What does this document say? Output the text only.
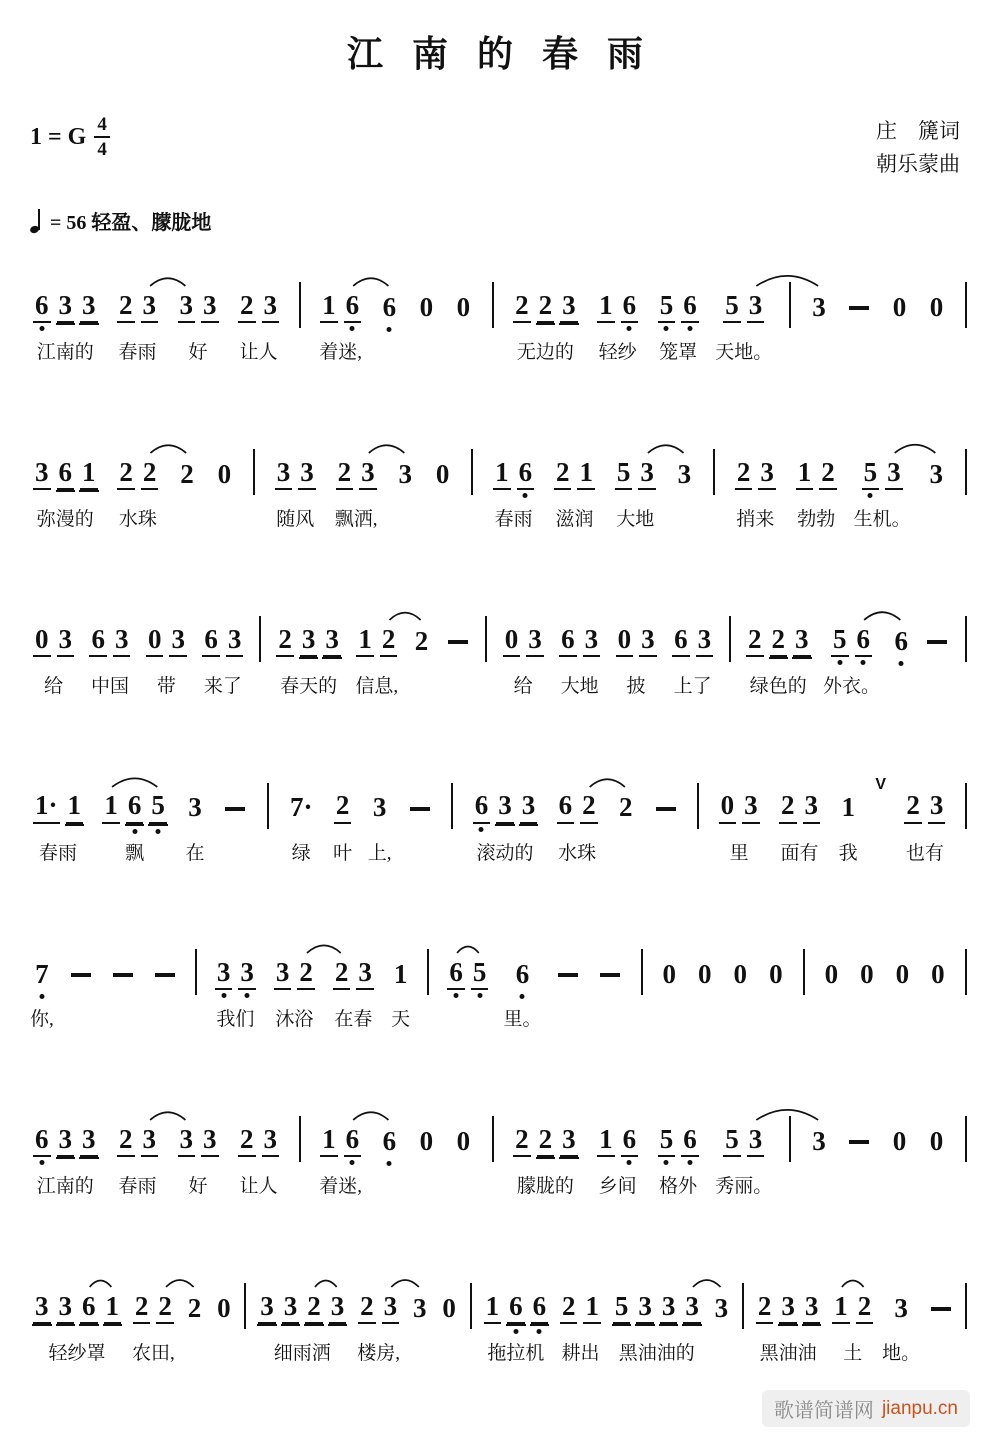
江 南 的 春 雨
1 = G $\frac{4}{4}$	庄　篪词
朝乐蒙曲
= 56 轻盈、朦胧地
6 3 3
江南的
2 3
春雨
3 3
好
2 3
让人
1 6
着迷,
6 0 0 2 2 3
无边的
1 6
轻纱
5 6
笼罩
5 3
天地。
3 0 0
3 6 1
弥漫的
2 2
水珠
2 0 3 3
随风
2 3
飘洒,
3 0 1 6
春雨
2 1
滋润
5 3
大地
3 2 3
捎来
1 2
勃勃
5 3
生机。
3
0 3
给
6 3
中国
0 3
带
6 3
来了
2 3 3
春天的
1 2
信息,
2	0 3
给
6 3
大地
0 3
披
6 3
上了
2 2 3
绿色的
5 6
外衣。
6
1· 1
春雨
1 6 5
飘
3
在
7·
绿
2
叶
3
上,
6 3 3
滚动的
6 2
水珠
2	0 3
里
2 3
面有
1
我
V
2 3
也有
7
你,
3 3
我们
3 2
沐浴
2 3
在春
1
天
6 5 6
里。
0 0 0 0 0 0 0 0
6 3 3
江南的
2 3
春雨
3 3
好
2 3
让人
1 6
着迷,
6 0 0 2 2 3
朦胧的
1 6
乡间
5 6
格外
5 3
秀丽。
3 0 0
3 3 6 1
轻纱罩
2 2
农田,
2 0 3 3 2 3
细雨洒
2 3
楼房,
3 0 1 6 6
拖拉机
2 1
耕出
5 3 3 3
黑油油的
3 2 3 3
黑油油
1 2
土
3
地。
歌谱简谱网 jianpu.cn
